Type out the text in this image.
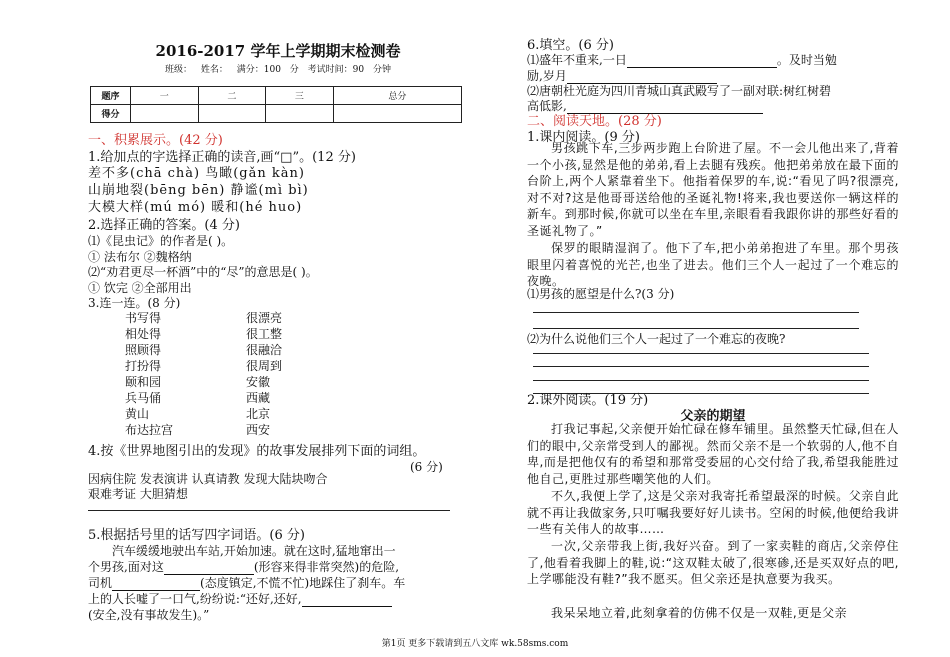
2016-2017 学年上学期期末检测卷
班级： 姓名： 满分：100 分 考试时间：90 分钟
题序	一	二	三	总分
得分				
一、积累展示。(42 分)
1.给加点的字选择正确的读音,画“□”。(12 分)
差不多(chā chà) 鸟瞰(gǎn kàn)
山崩地裂(bēng bēn) 静谧(mì bì)
大模大样(mú mó) 暖和(hé huo)
2.选择正确的答案。(4 分)
⑴《昆虫记》的作者是( )。
① 法布尔 ②魏格纳
⑵“劝君更尽一杯酒”中的“尽”的意思是( )。
① 饮完 ②全部用出
3.连一连。(8 分)
书写得
相处得
照顾得
打扮得
颐和园
兵马俑
黄山
布达拉宫
很漂亮
很工整
很融洽
很周到
安徽
西藏
北京
西安
4.按《世界地图引出的发现》的故事发展排列下面的词组。
(6 分)
因病住院 发表演讲 认真请教 发现大陆块吻合
艰难考证 大胆猜想
5.根据括号里的话写四字词语。(6 分)
汽车缓缓地驶出车站,开始加速。就在这时,猛地窜出一
个男孩,面对这	(形容来得非常突然)的危险,
司机	(态度镇定,不慌不忙)地踩住了刹车。车
上的人长嘘了一口气,纷纷说:“还好,还好,
(安全,没有事故发生)。”
6.填空。(6 分)
⑴盛年不重来,一日	。及时当勉
励,岁月
⑵唐朝杜光庭为四川青城山真武殿写了一副对联:树红树碧
高低影,
二、阅读天地。(28 分)
1.课内阅读。(9 分)
男孩跳下车,三步两步跑上台阶进了屋。不一会儿他出来了,背着一个小孩,显然是他的弟弟,看上去腿有残疾。他把弟弟放在最下面的台阶上,两个人紧靠着坐下。他指着保罗的车,说:“看见了吗?很漂亮,对不对?这是他哥哥送给他的圣诞礼物!将来,我也要送你一辆这样的新车。到那时候,你就可以坐在车里,亲眼看看我跟你讲的那些好看的圣诞礼物了。”
保罗的眼睛湿润了。他下了车,把小弟弟抱进了车里。那个男孩眼里闪着喜悦的光芒,也坐了进去。他们三个人一起过了一个难忘的夜晚。
⑴男孩的愿望是什么?(3 分)
⑵为什么说他们三个人一起过了一个难忘的夜晚?
2.课外阅读。(19 分)
父亲的期望
打我记事起,父亲便开始忙碌在修车铺里。虽然整天忙碌,但在人们的眼中,父亲常受到人的鄙视。然而父亲不是一个软弱的人,他不自卑,而是把他仅有的希望和那常受委屈的心交付给了我,希望我能胜过他自己,更胜过那些嘲笑他的人们。
不久,我便上学了,这是父亲对我寄托希望最深的时候。父亲自此就不再让我做家务,只叮嘱我要好好儿读书。空闲的时候,他便给我讲一些有关伟人的故事……
一次,父亲带我上街,我好兴奋。到了一家卖鞋的商店,父亲停住了,他看着我脚上的鞋,说:“这双鞋太破了,很寒碜,还是买双好点的吧,上学哪能没有鞋?”我不愿买。但父亲还是执意要为我买。
我呆呆地立着,此刻拿着的仿佛不仅是一双鞋,更是父亲
第1页 更多下载请到五八文库 wk.58sms.com
